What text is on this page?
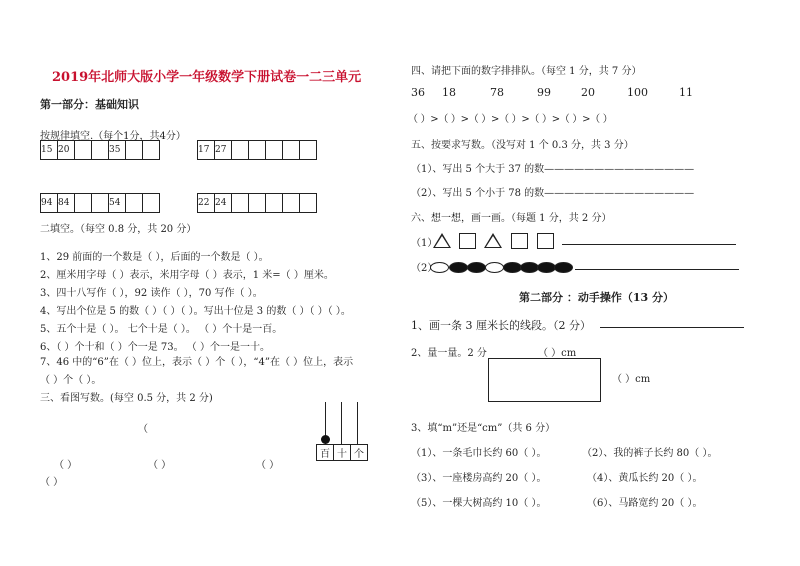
2019年北师大版小学一年级数学下册试卷一二三单元
第一部分：基础知识
按规律填空.（每个1分，共4分）
15	20			35			17	27					
94	84			54			22	24					
二填空。（每空 0.8 分，共 20 分）
1、29 前面的一个数是（ ），后面的一个数是（ ）。
2、厘米用字母（ ）表示，米用字母（ ）表示，1 米=（ ）厘米。
3、四十八写作（ ），92 读作（ ），70 写作（ ）。
4、写出个位是 5 的数（ ）（ ）（ ）。写出十位是 3 的数（ ）（ ）（ ）。
5、五个十是（ ）。 七个十是（ ）。 （ ）个十是一百。
6、（ ）个十和（ ）个一是 73。 （ ）个一是一十。
7、46 中的“6”在（ ）位上，表示（ ）个（ ），“4”在（ ）位上，表示
（ ）个（ ）。
三、看图写数。(每空 0.5 分，共 2 分)
（
（ ）	（ ）	（ ）
（ ）
百 十 个
四、请把下面的数字排排队。（每空 1 分，共 7 分）
36 18	78	99	20	100	11
（ ）>（ ）>（ ）>（ ）>（ ）>（ ）>（ ）
五、按要求写数。（没写对 1 个 0.3 分，共 3 分）
（1）、写出 5 个大于 37 的数———————————————
（2）、写出 5 个小于 78 的数———————————————
六、想一想，画一画。（每题 1 分，共 2 分）
（1）
（2）
第二部分 ：动手操作（13 分）
1、画一条 3 厘米长的线段。（2 分）
2、量一量。2 分	（ ）cm
（ ）cm
3、填“m”还是“cm”（共 6 分）
（1）、一条毛巾长约 60（ ）。	（2）、我的裤子长约 80（ ）。
（3）、一座楼房高约 20（ ）。	（4）、黄瓜长约 20（ ）。
（5）、一棵大树高约 10（ ）。	（6）、马路宽约 20（ ）。
